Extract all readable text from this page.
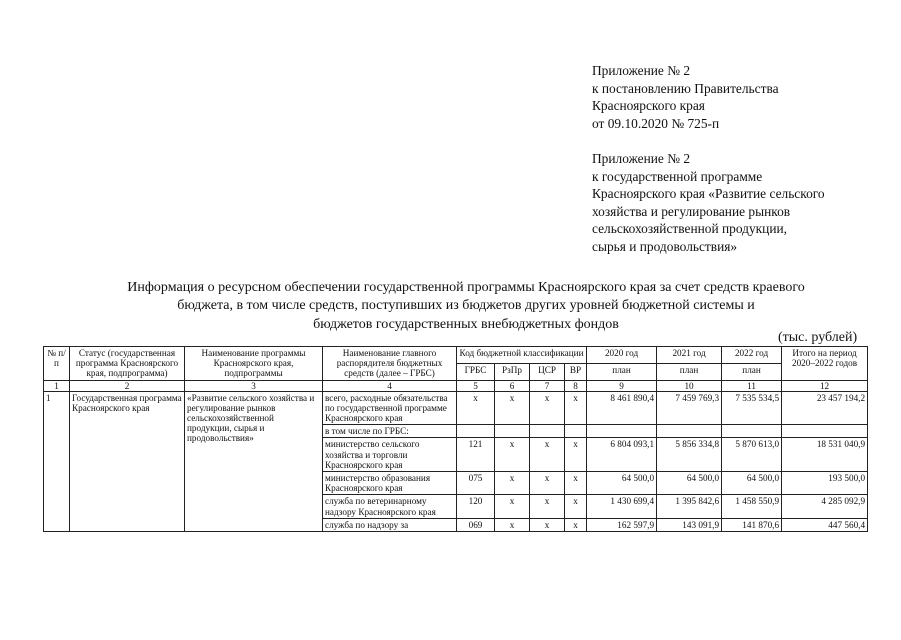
Приложение № 2
к постановлению Правительства
Красноярского края
от 09.10.2020 № 725-п
Приложение № 2
к государственной программе
Красноярского края «Развитие сельского
хозяйства и регулирование рынков
сельскохозяйственной продукции,
сырья и продовольствия»
Информация о ресурсном обеспечении государственной программы Красноярского края за счет средств краевого
бюджета, в том числе средств, поступивших из бюджетов других уровней бюджетной системы и
бюджетов государственных внебюджетных фондов
(тыс. рублей)
№ п/п	Статус (государственная программа Красноярского края, подпрограмма)	Наименование программы Красноярского края, подпрограммы	Наименование главного распорядителя бюджетных средств (далее – ГРБС)	Код бюджетной классификации				2020 год	2021 год	2022 год	Итого на период 2020–2022 годов
				ГРБС	РзПр	ЦСР	ВР	план	план	план	
1	2	3	4	5	6	7	8	9	10	11	12
1	Государственная программа Красноярского края	«Развитие сельского хозяйства и регулирование рынков сельскохозяйственной продукции, сырья и продовольствия»	всего, расходные обязательства по государственной программе Красноярского края	х	х	х	х	8 461 890,4	7 459 769,3	7 535 534,5	23 457 194,2
			в том числе по ГРБС:								
			министерство сельского хозяйства и торговли Красноярского края	121	х	х	х	6 804 093,1	5 856 334,8	5 870 613,0	18 531 040,9
			министерство образования Красноярского края	075	х	х	х	64 500,0	64 500,0	64 500,0	193 500,0
			служба по ветеринарному надзору Красноярского края	120	х	х	х	1 430 699,4	1 395 842,6	1 458 550,9	4 285 092,9
			служба по надзору за	069	х	х	х	162 597,9	143 091,9	141 870,6	447 560,4
